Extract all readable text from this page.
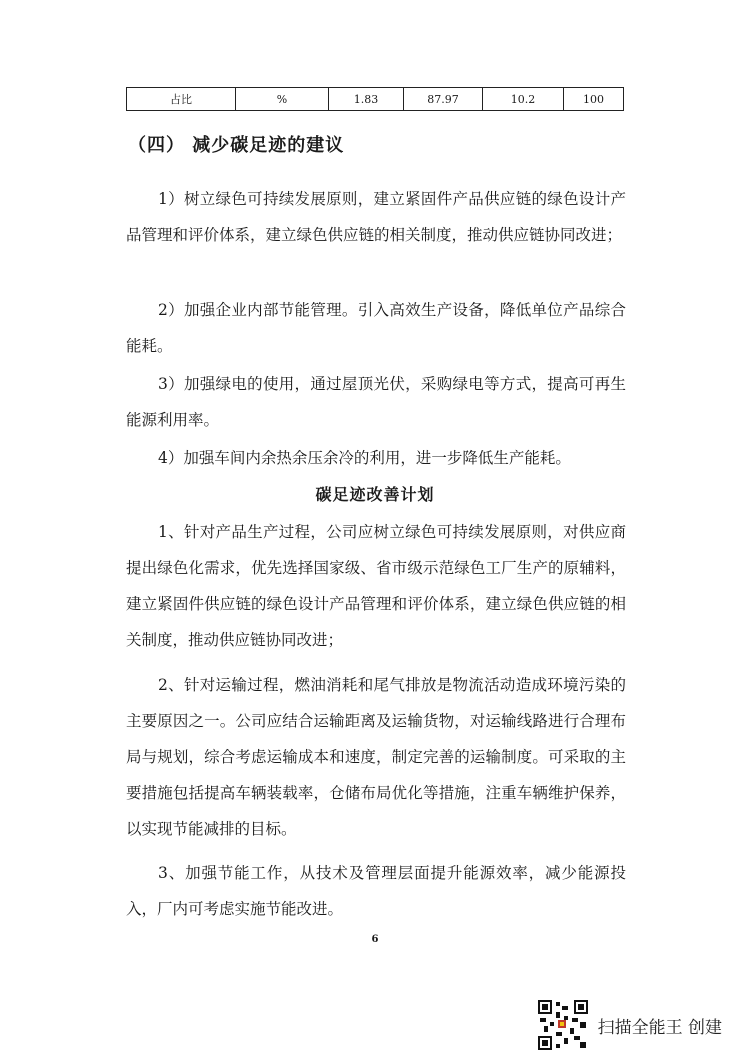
占比	%	1.83	87.97	10.2	100
（四） 减少碳足迹的建议

1）树立绿色可持续发展原则，建立紧固件产品供应链的绿色设计产品管理和评价体系，建立绿色供应链的相关制度，推动供应链协同改进；

2）加强企业内部节能管理。引入高效生产设备，降低单位产品综合能耗。

3）加强绿电的使用，通过屋顶光伏，采购绿电等方式，提高可再生能源利用率。

4）加强车间内余热余压余冷的利用，进一步降低生产能耗。

碳足迹改善计划

1、针对产品生产过程，公司应树立绿色可持续发展原则，对供应商提出绿色化需求，优先选择国家级、省市级示范绿色工厂生产的原辅料，建立紧固件供应链的绿色设计产品管理和评价体系，建立绿色供应链的相关制度，推动供应链协同改进；

2、针对运输过程，燃油消耗和尾气排放是物流活动造成环境污染的主要原因之一。公司应结合运输距离及运输货物，对运输线路进行合理布局与规划，综合考虑运输成本和速度，制定完善的运输制度。可采取的主要措施包括提高车辆装载率，仓储布局优化等措施，注重车辆维护保养，以实现节能减排的目标。

3、加强节能工作，从技术及管理层面提升能源效率，减少能源投入，厂内可考虑实施节能改进。

6
扫描全能王 创建
